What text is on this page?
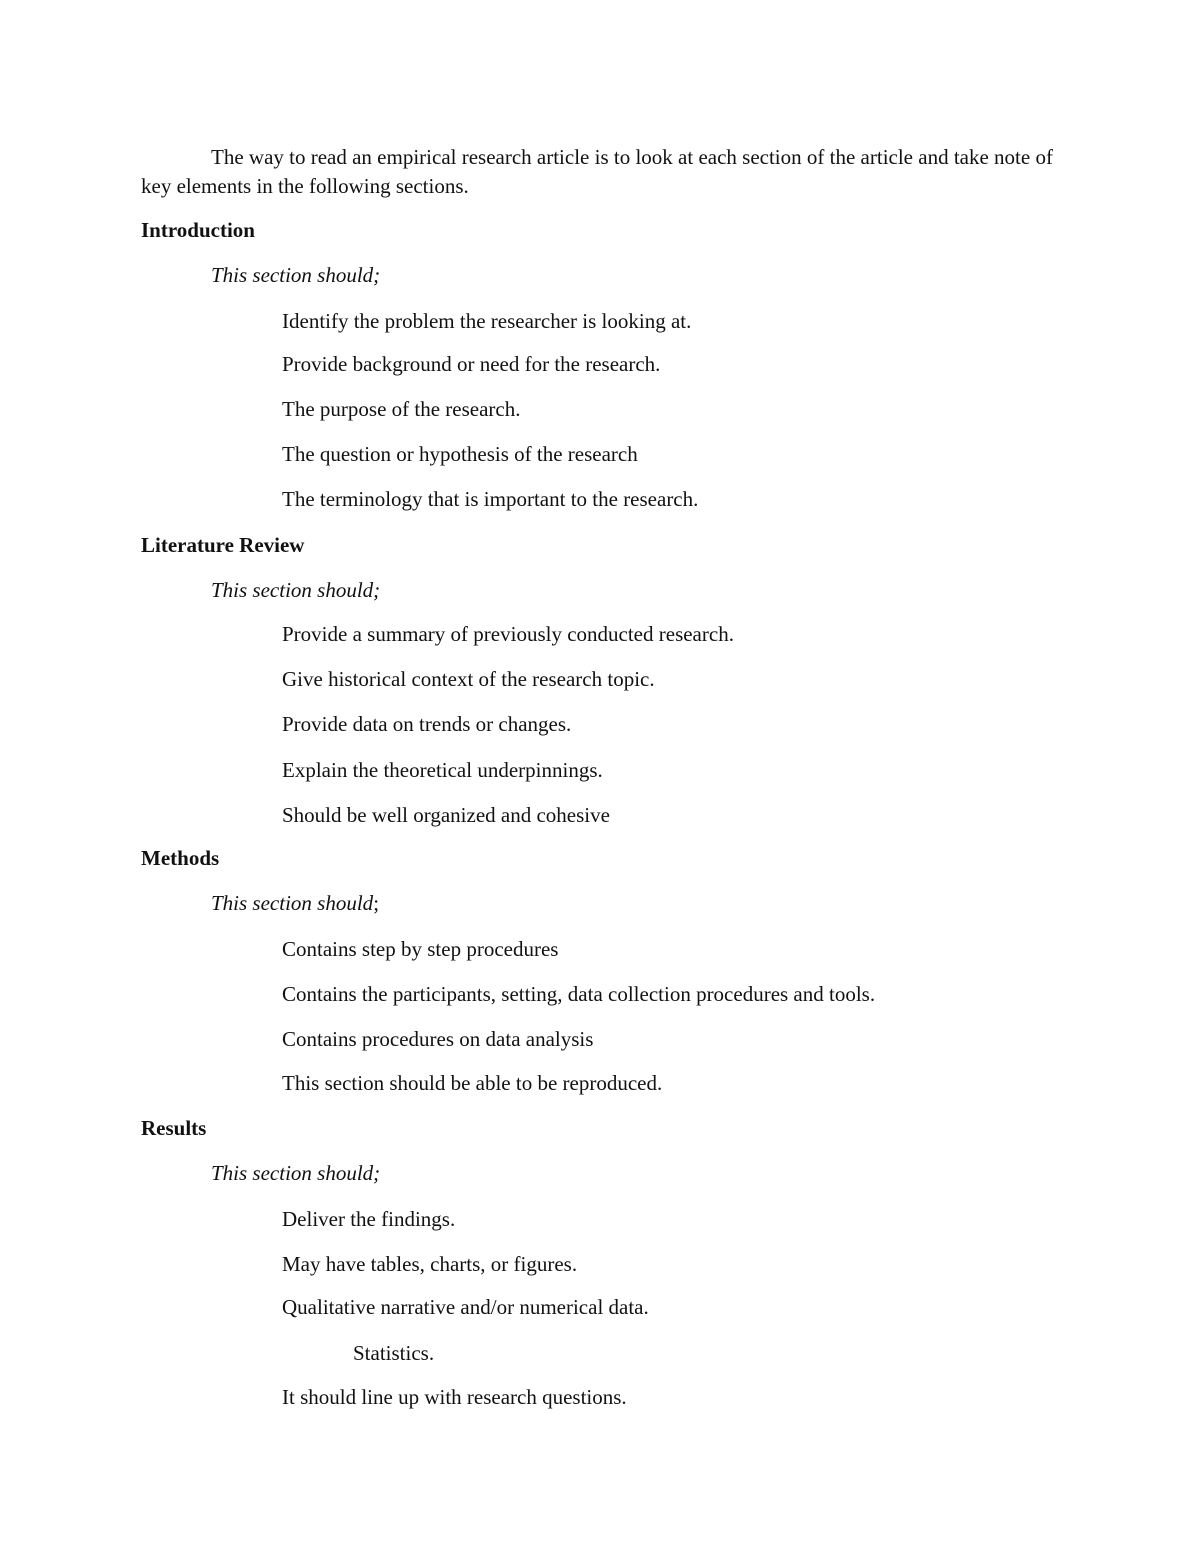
The way to read an empirical research article is to look at each section of the article and take note of key elements in the following sections.

Introduction
This section should;
Identify the problem the researcher is looking at.
Provide background or need for the research.
The purpose of the research.
The question or hypothesis of the research
The terminology that is important to the research.
Literature Review
This section should;
Provide a summary of previously conducted research.
Give historical context of the research topic.
Provide data on trends or changes.
Explain the theoretical underpinnings.
Should be well organized and cohesive
Methods
This section should;
Contains step by step procedures
Contains the participants, setting, data collection procedures and tools.
Contains procedures on data analysis
This section should be able to be reproduced.
Results
This section should;
Deliver the findings.
May have tables, charts, or figures.
Qualitative narrative and/or numerical data.
Statistics.
It should line up with research questions.
